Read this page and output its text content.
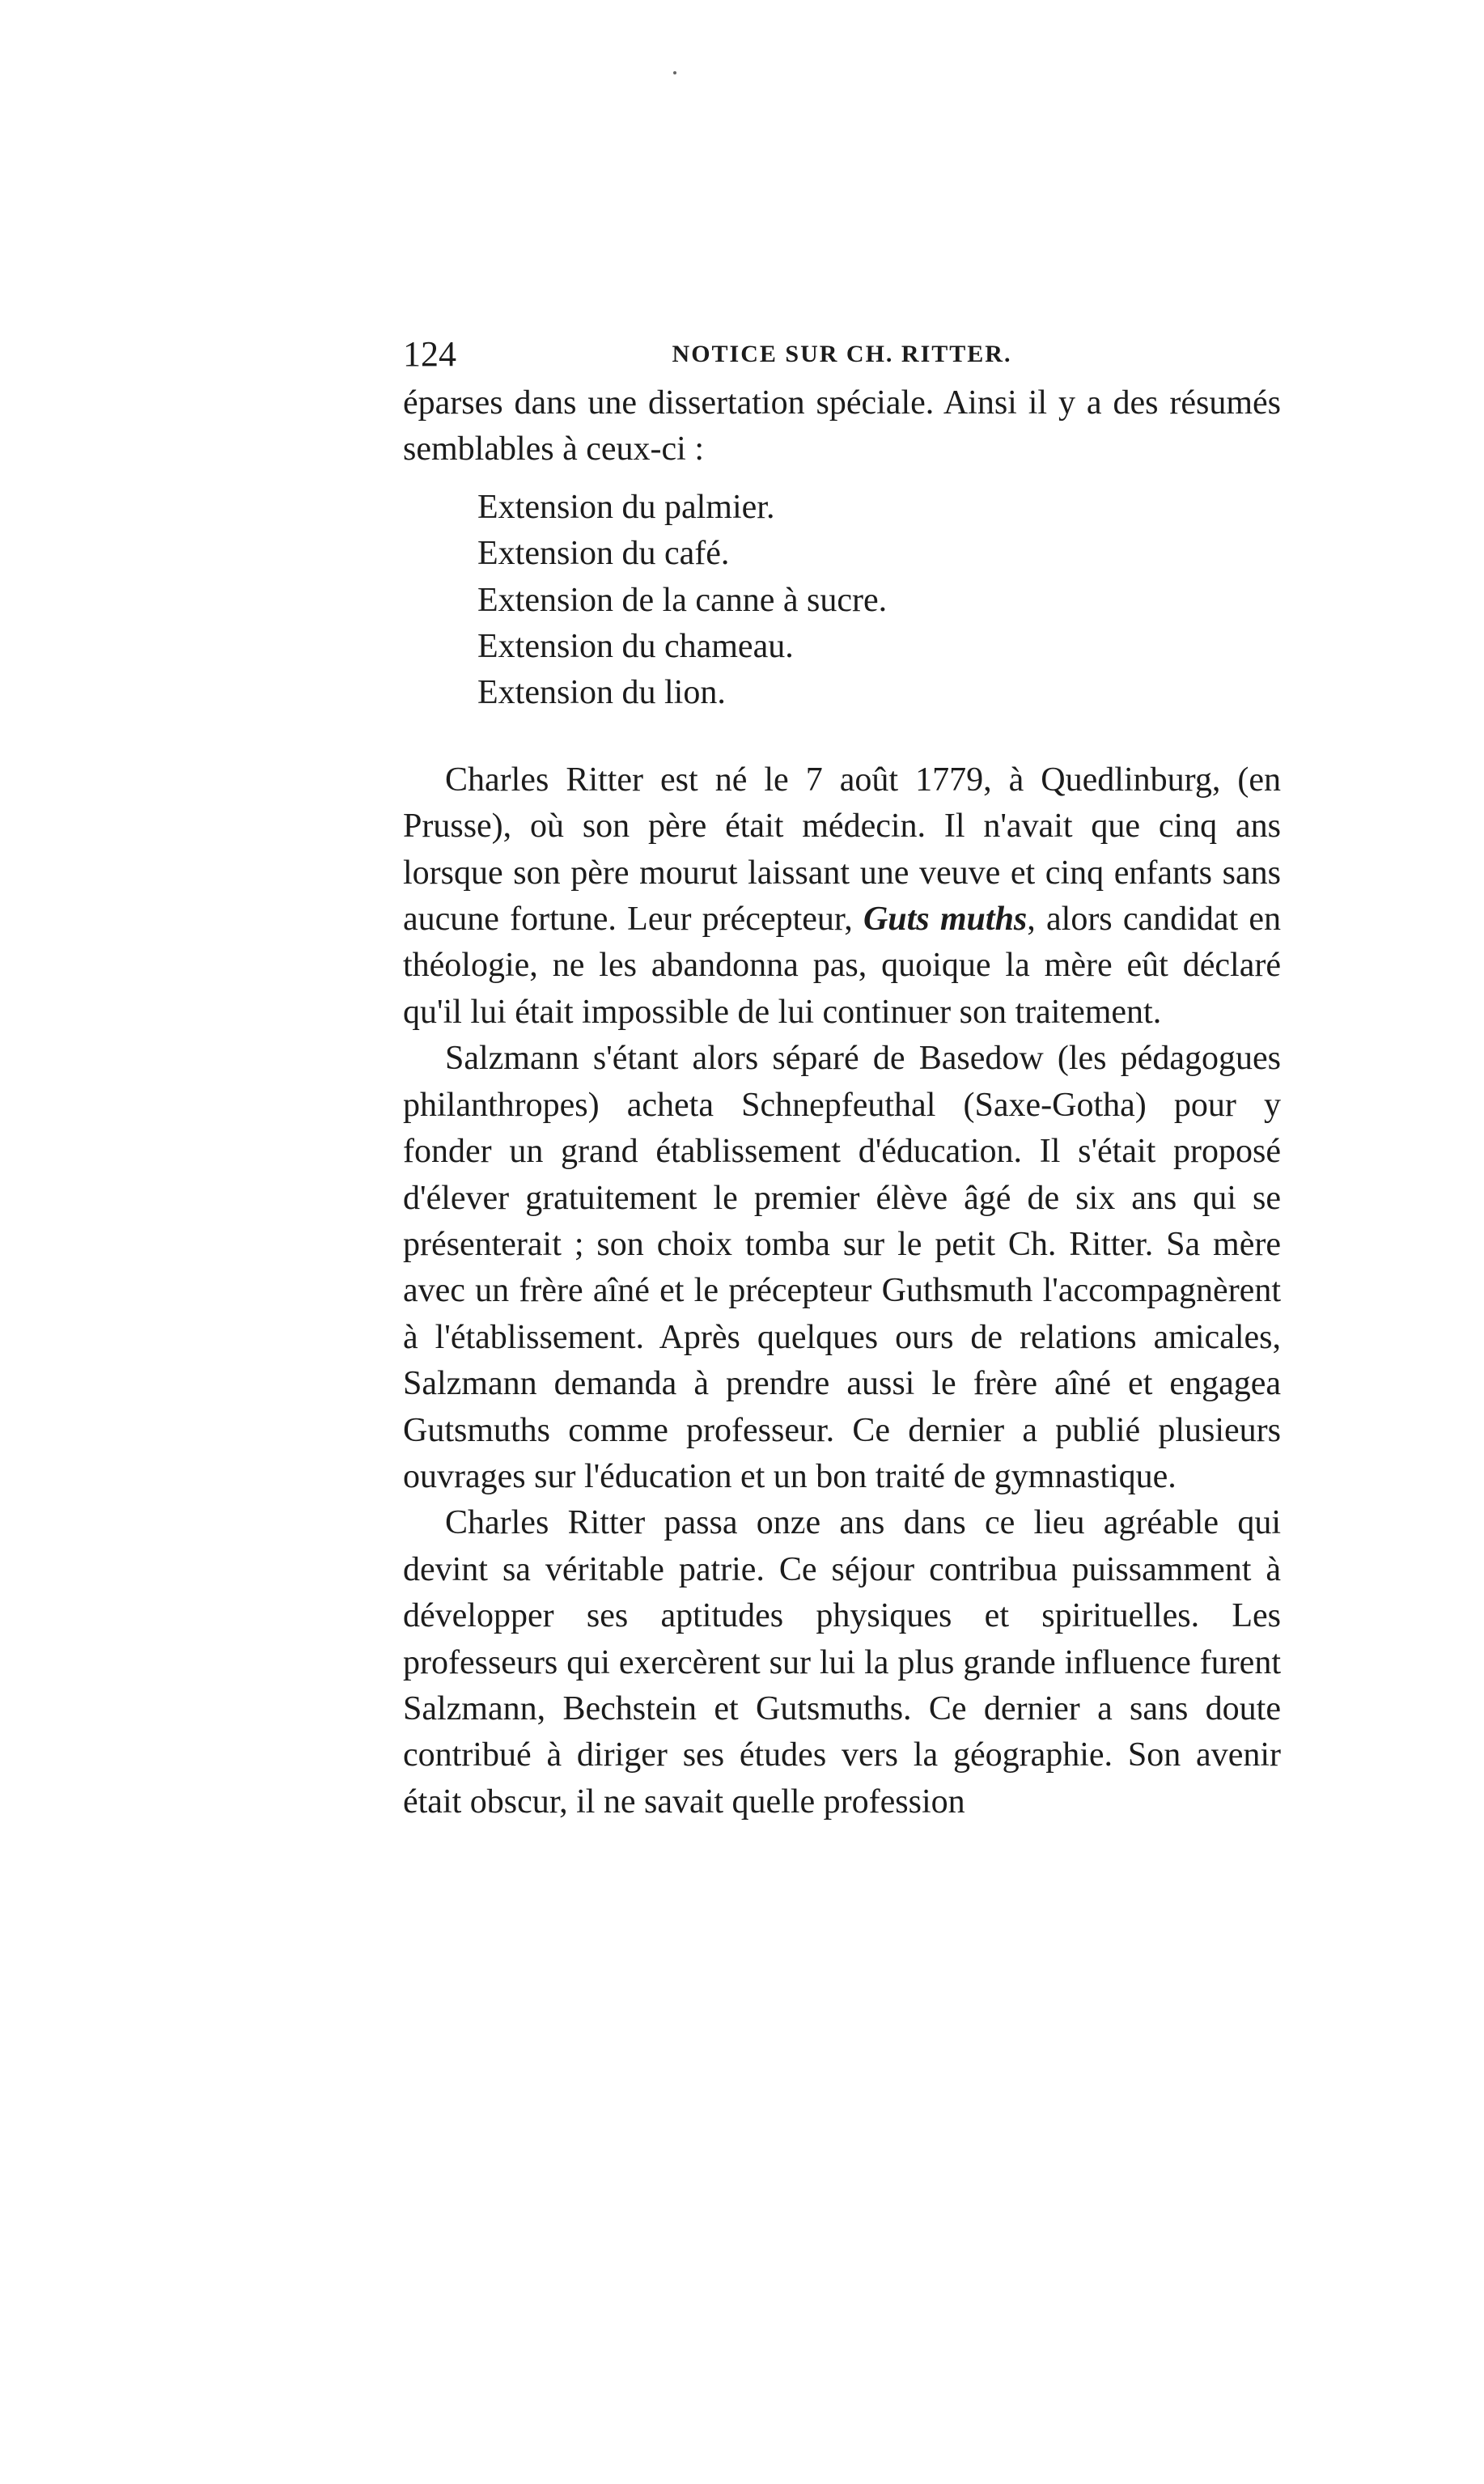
124	NOTICE SUR CH. RITTER.

éparses dans une dissertation spéciale. Ainsi il y a des résumés semblables à ceux-ci :

Extension du palmier.
Extension du café.
Extension de la canne à sucre.
Extension du chameau.
Extension du lion.

Charles Ritter est né le 7 août 1779, à Quedlinburg, (en Prusse), où son père était médecin. Il n'avait que cinq ans lorsque son père mourut laissant une veuve et cinq enfants sans aucune fortune. Leur précepteur, Guts muths, alors candidat en théologie, ne les abandonna pas, quoique la mère eût déclaré qu'il lui était impossible de lui continuer son traitement.

Salzmann s'étant alors séparé de Basedow (les pédagogues philanthropes) acheta Schnepfeuthal (Saxe-Gotha) pour y fonder un grand établissement d'éducation. Il s'était proposé d'élever gratuitement le premier élève âgé de six ans qui se présenterait ; son choix tomba sur le petit Ch. Ritter. Sa mère avec un frère aîné et le précepteur Guthsmuth l'accompagnèrent à l'établissement. Après quelques ours de relations amicales, Salzmann demanda à prendre aussi le frère aîné et engagea Gutsmuths comme professeur. Ce dernier a publié plusieurs ouvrages sur l'éducation et un bon traité de gymnastique.

Charles Ritter passa onze ans dans ce lieu agréable qui devint sa véritable patrie. Ce séjour contribua puissamment à développer ses aptitudes physiques et spirituelles. Les professeurs qui exercèrent sur lui la plus grande influence furent Salzmann, Bechstein et Gutsmuths. Ce dernier a sans doute contribué à diriger ses études vers la géographie. Son avenir était obscur, il ne savait quelle profession
